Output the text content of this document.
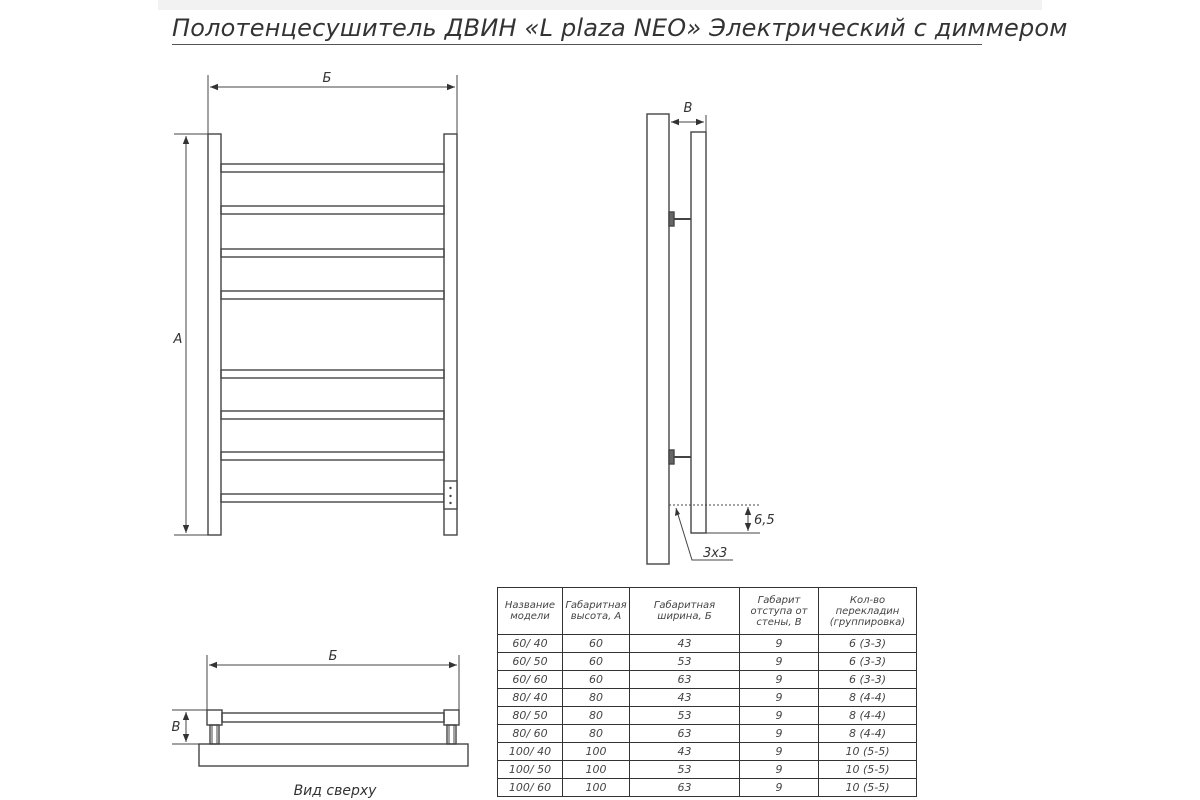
Полотенцесушитель ДВИН «L plaza NEO» Электрический с диммером
Б
А
В
6,5
3x3
Б
В
Вид сверху
Название
модели	Габаритная
высота, А	Габаритная
ширина, Б	Габарит
отступа от
стены, В	Кол-во
перекладин
(группировка)
60/ 40	60	43	9	6 (3-3)
60/ 50	60	53	9	6 (3-3)
60/ 60	60	63	9	6 (3-3)
80/ 40	80	43	9	8 (4-4)
80/ 50	80	53	9	8 (4-4)
80/ 60	80	63	9	8 (4-4)
100/ 40	100	43	9	10 (5-5)
100/ 50	100	53	9	10 (5-5)
100/ 60	100	63	9	10 (5-5)
